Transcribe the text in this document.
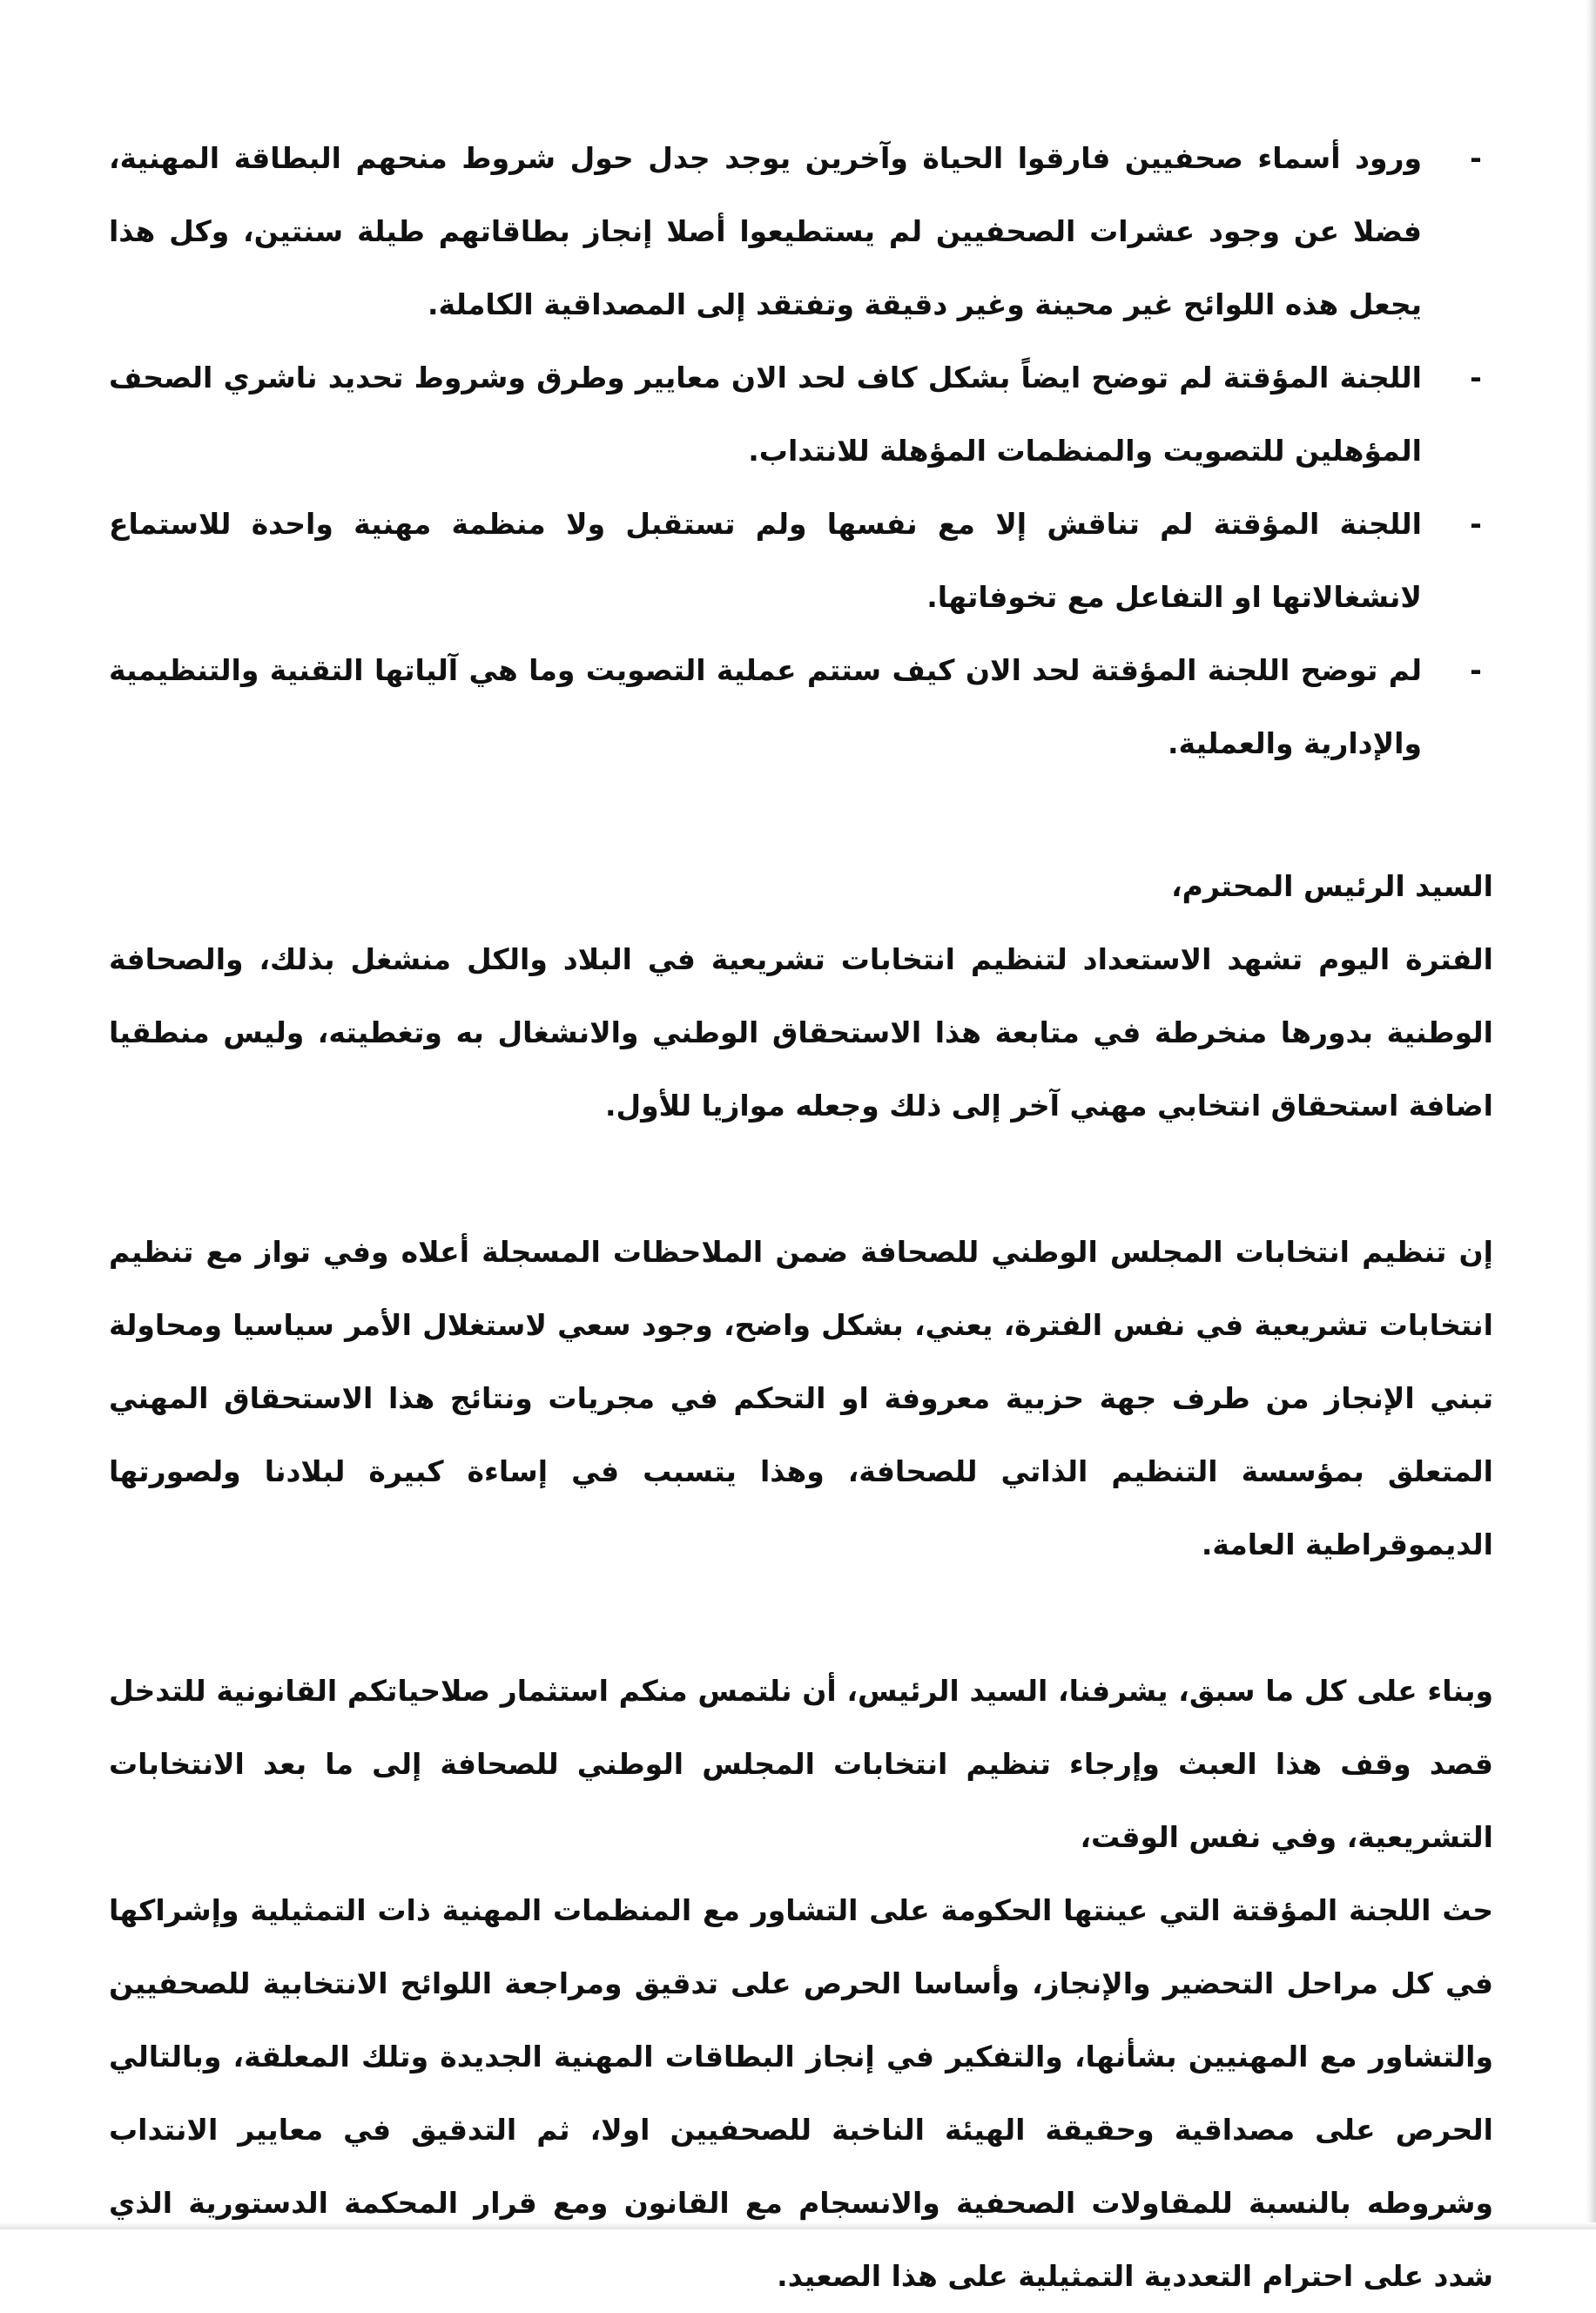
-
ورود أسماء صحفيين فارقوا الحياة وآخرين يوجد جدل حول شروط منحهم البطاقة المهنية، فضلا عن وجود عشرات الصحفيين لم يستطيعوا أصلا إنجاز بطاقاتهم طيلة سنتين، وكل هذا يجعل هذه اللوائح غير محينة وغير دقيقة وتفتقد إلى المصداقية الكاملة.
-
اللجنة المؤقتة لم توضح ايضاً بشكل كاف لحد الان معايير وطرق وشروط تحديد ناشري الصحف المؤهلين للتصويت والمنظمات المؤهلة للانتداب.
-
اللجنة المؤقتة لم تناقش إلا مع نفسها ولم تستقبل ولا منظمة مهنية واحدة للاستماع لانشغالاتها او التفاعل مع تخوفاتها.
-
لم توضح اللجنة المؤقتة لحد الان كيف ستتم عملية التصويت وما هي آلياتها التقنية والتنظيمية والإدارية والعملية.

السيد الرئيس المحترم،

الفترة اليوم تشهد الاستعداد لتنظيم انتخابات تشريعية في البلاد والكل منشغل بذلك، والصحافة الوطنية بدورها منخرطة في متابعة هذا الاستحقاق الوطني والانشغال به وتغطيته، وليس منطقيا اضافة استحقاق انتخابي مهني آخر إلى ذلك وجعله موازيا للأول.

إن تنظيم انتخابات المجلس الوطني للصحافة ضمن الملاحظات المسجلة أعلاه وفي تواز مع تنظيم انتخابات تشريعية في نفس الفترة، يعني، بشكل واضح، وجود سعي لاستغلال الأمر سياسيا ومحاولة تبني الإنجاز من طرف جهة حزبية معروفة او التحكم في مجريات ونتائج هذا الاستحقاق المهني المتعلق بمؤسسة التنظيم الذاتي للصحافة، وهذا يتسبب في إساءة كبيرة لبلادنا ولصورتها الديموقراطية العامة.

وبناء على كل ما سبق، يشرفنا، السيد الرئيس، أن نلتمس منكم استثمار صلاحياتكم القانونية للتدخل قصد وقف هذا العبث وإرجاء تنظيم انتخابات المجلس الوطني للصحافة إلى ما بعد الانتخابات التشريعية، وفي نفس الوقت،

حث اللجنة المؤقتة التي عينتها الحكومة على التشاور مع المنظمات المهنية ذات التمثيلية وإشراكها في كل مراحل التحضير والإنجاز، وأساسا الحرص على تدقيق ومراجعة اللوائح الانتخابية للصحفيين والتشاور مع المهنيين بشأنها، والتفكير في إنجاز البطاقات المهنية الجديدة وتلك المعلقة، وبالتالي الحرص على مصداقية وحقيقة الهيئة الناخبة للصحفيين اولا، ثم التدقيق في معايير الانتداب وشروطه بالنسبة للمقاولات الصحفية والانسجام مع القانون ومع قرار المحكمة الدستورية الذي شدد على احترام التعددية التمثيلية على هذا الصعيد.
